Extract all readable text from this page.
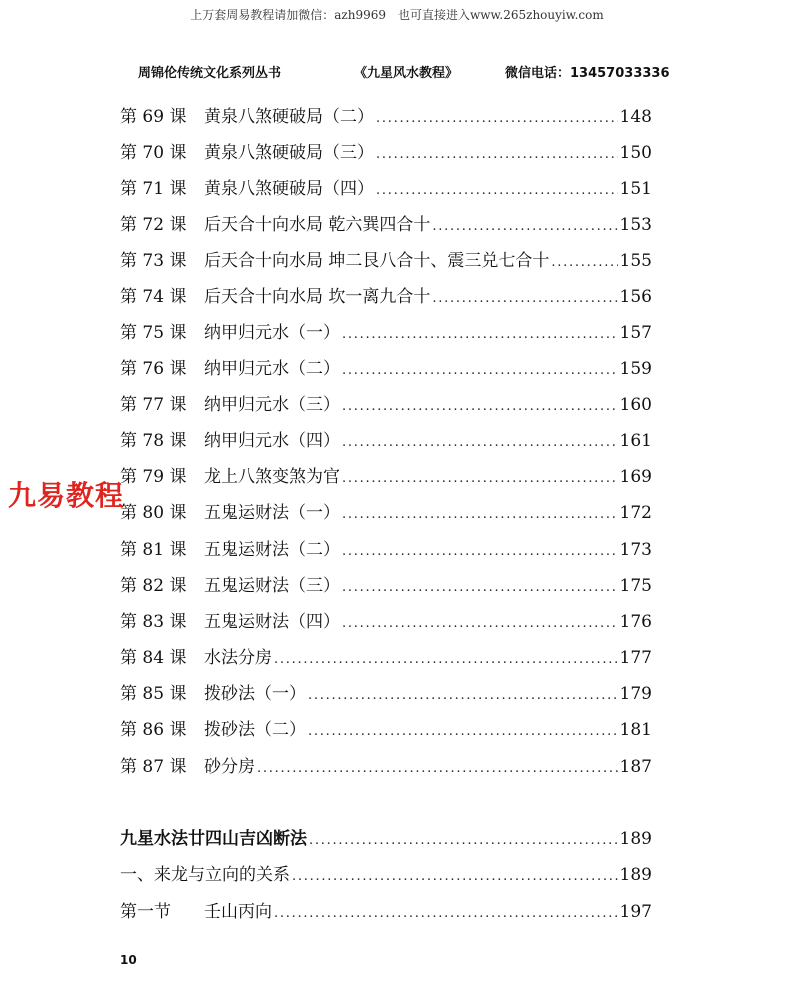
上万套周易教程请加微信：azh9969　也可直接进入www.265zhouyiw.com
周锦伦传统文化系列丛书	《九星风水教程》	微信电话：13457033336
第 69 课	黄泉八煞硬破局（二） . . .	148
第 70 课	黄泉八煞硬破局（三） . . .	150
第 71 课	黄泉八煞硬破局（四） . . .	151
第 72 课	后天合十向水局 乾六巽四合十 . . .	153
第 73 课	后天合十向水局 坤二艮八合十、震三兑七合十 . . .	155
第 74 课	后天合十向水局 坎一离九合十 . . .	156
第 75 课	纳甲归元水（一） . . .	157
第 76 课	纳甲归元水（二） . . .	159
第 77 课	纳甲归元水（三） . . .	160
第 78 课	纳甲归元水（四） . . .	161
第 79 课	龙上八煞变煞为官 . . .	169
第 80 课	五鬼运财法（一） . . .	172
第 81 课	五鬼运财法（二） . . .	173
第 82 课	五鬼运财法（三） . . .	175
第 83 课	五鬼运财法（四） . . .	176
第 84 课	水法分房 . . .	177
第 85 课	拨砂法（一） . . .	179
第 86 课	拨砂法（二） . . .	181
第 87 课	砂分房 . . .	187
九星水法廿四山吉凶断法 . . .	189
一、来龙与立向的关系 . . .	189
第一节	壬山丙向 . . .	197
九易教程
10
